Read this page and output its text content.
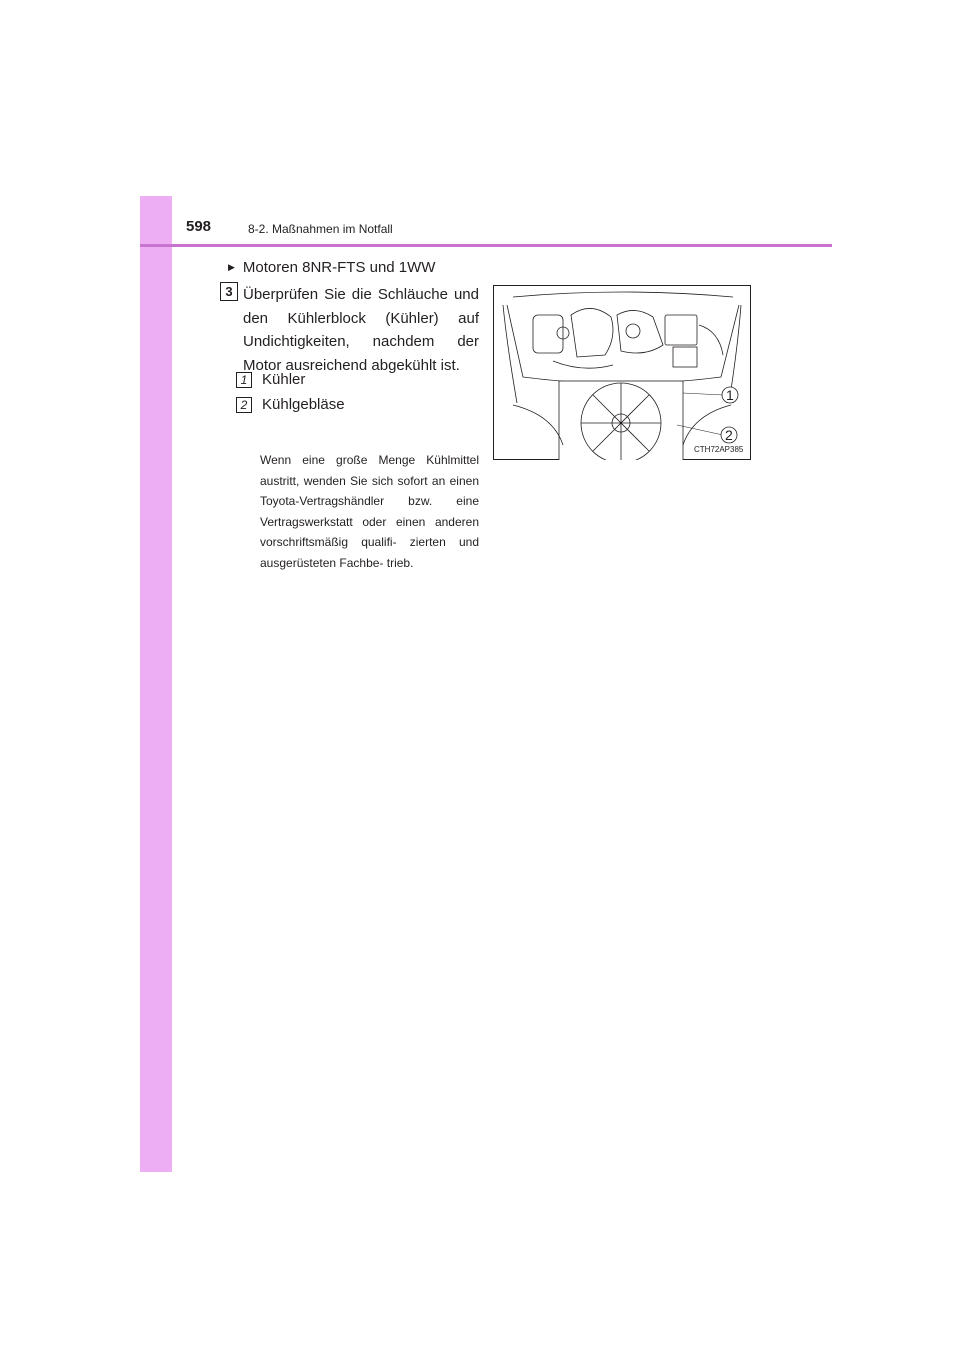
598	8-2. Maßnahmen im Notfall
▶ Motoren 8NR-FTS und 1WW
3 Überprüfen Sie die Schläuche und den Kühlerblock (Kühler) auf Undichtigkeiten, nachdem der Motor ausreichend abgekühlt ist.
1 Kühler
2 Kühlgebläse
Wenn eine große Menge Kühlmittel austritt, wenden Sie sich sofort an einen Toyota-Vertragshändler bzw. eine Vertragswerkstatt oder einen anderen vorschriftsmäßig qualifi- zierten und ausgerüsteten Fachbe- trieb.
1
2
CTH72AP385
